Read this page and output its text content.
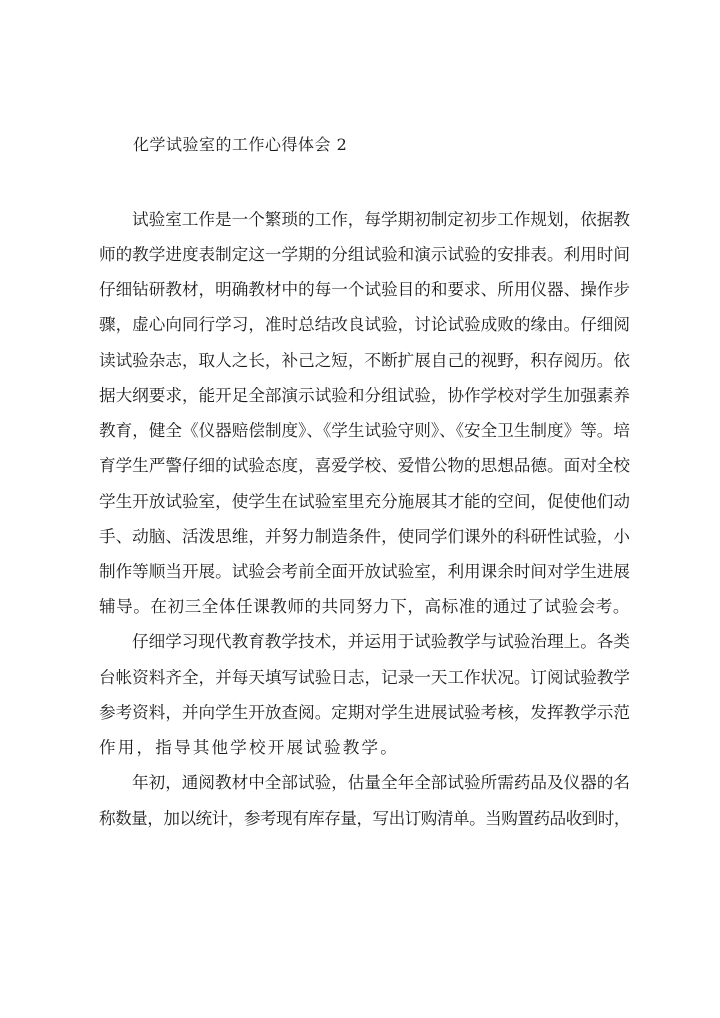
化学试验室的工作心得体会 2

试验室工作是一个繁琐的工作，每学期初制定初步工作规划，依据教

师的教学进度表制定这一学期的分组试验和演示试验的安排表。利用时间

仔细钻研教材，明确教材中的每一个试验目的和要求、所用仪器、操作步

骤，虚心向同行学习，准时总结改良试验，讨论试验成败的缘由。仔细阅

读试验杂志，取人之长，补己之短，不断扩展自己的视野，积存阅历。依

据大纲要求，能开足全部演示试验和分组试验，协作学校对学生加强素养

教育，健全《仪器赔偿制度》、《学生试验守则》、《安全卫生制度》等。培

育学生严警仔细的试验态度，喜爱学校、爱惜公物的思想品德。面对全校

学生开放试验室，使学生在试验室里充分施展其才能的空间，促使他们动

手、动脑、活泼思维，并努力制造条件，使同学们课外的科研性试验，小

制作等顺当开展。试验会考前全面开放试验室，利用课余时间对学生进展

辅导。在初三全体任课教师的共同努力下，高标准的通过了试验会考。

仔细学习现代教育教学技术，并运用于试验教学与试验治理上。各类

台帐资料齐全，并每天填写试验日志，记录一天工作状况。订阅试验教学

参考资料，并向学生开放查阅。定期对学生进展试验考核，发挥教学示范

作用，指导其他学校开展试验教学。

年初，通阅教材中全部试验，估量全年全部试验所需药品及仪器的名

称数量，加以统计，参考现有库存量，写出订购清单。当购置药品收到时，
